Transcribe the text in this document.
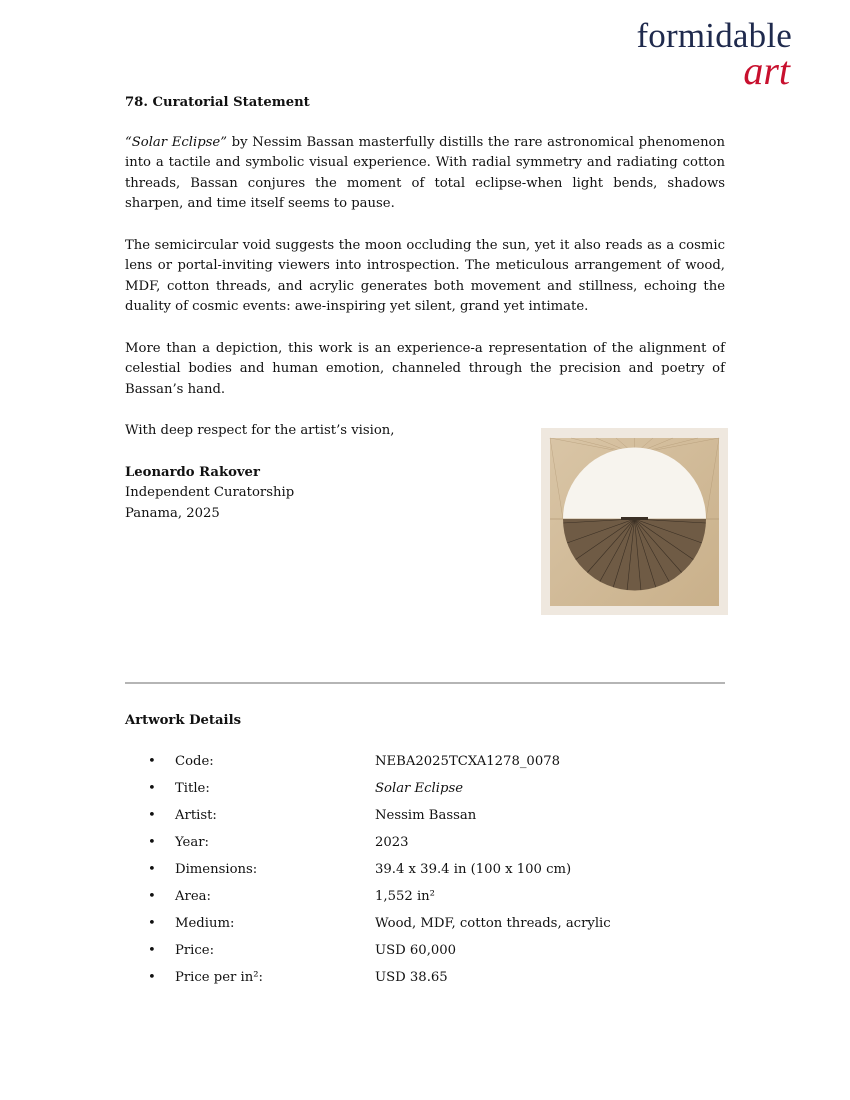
formidable
art

78. Curatorial Statement

“Solar Eclipse” by Nessim Bassan masterfully distills the rare astronomical phenomenon into a tactile and symbolic visual experience. With radial symmetry and radiating cotton threads, Bassan conjures the moment of total eclipse-when light bends, shadows sharpen, and time itself seems to pause.

The semicircular void suggests the moon occluding the sun, yet it also reads as a cosmic lens or portal-inviting viewers into introspection. The meticulous arrangement of wood, MDF, cotton threads, and acrylic generates both movement and stillness, echoing the duality of cosmic events: awe-inspiring yet silent, grand yet intimate.

More than a depiction, this work is an experience-a representation of the alignment of celestial bodies and human emotion, channeled through the precision and poetry of Bassan’s hand.

With deep respect for the artist’s vision,

Leonardo Rakover
Independent Curatorship
Panama, 2025
Artwork Details
• Code:	NEBA2025TCXA1278_0078
• Title:	Solar Eclipse
• Artist:	Nessim Bassan
• Year:	2023
• Dimensions:	39.4 x 39.4 in (100 x 100 cm)
• Area:	1,552 in²
• Medium:	Wood, MDF, cotton threads, acrylic
• Price:	USD 60,000
• Price per in²:	USD 38.65
